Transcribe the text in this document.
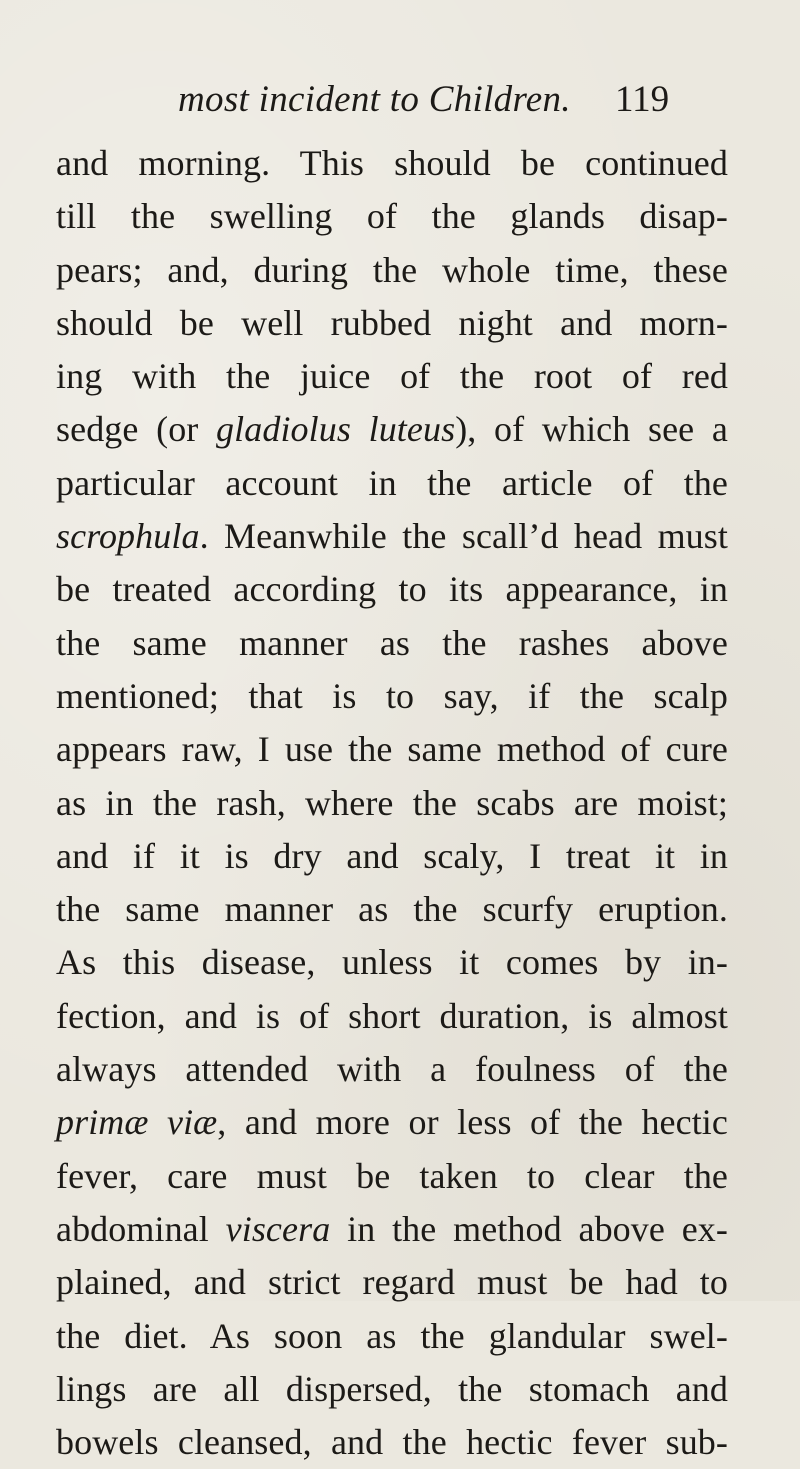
most incident to Children. 119
and morning. This should be continued
till the swelling of the glands disap-
pears; and, during the whole time, these
should be well rubbed night and morn-
ing with the juice of the root of red
sedge (or gladiolus luteus), of which see a
particular account in the article of the
scrophula. Meanwhile the scall’d head must
be treated according to its appearance, in
the same manner as the rashes above
mentioned; that is to say, if the scalp
appears raw, I use the same method of cure
as in the rash, where the scabs are moist;
and if it is dry and scaly, I treat it in
the same manner as the scurfy eruption.
As this disease, unless it comes by in-
fection, and is of short duration, is almost
always attended with a foulness of the
primæ viæ, and more or less of the hectic
fever, care must be taken to clear the
abdominal viscera in the method above ex-
plained, and strict regard must be had to
the diet. As soon as the glandular swel-
lings are all dispersed, the stomach and
bowels cleansed, and the hectic fever sub-
